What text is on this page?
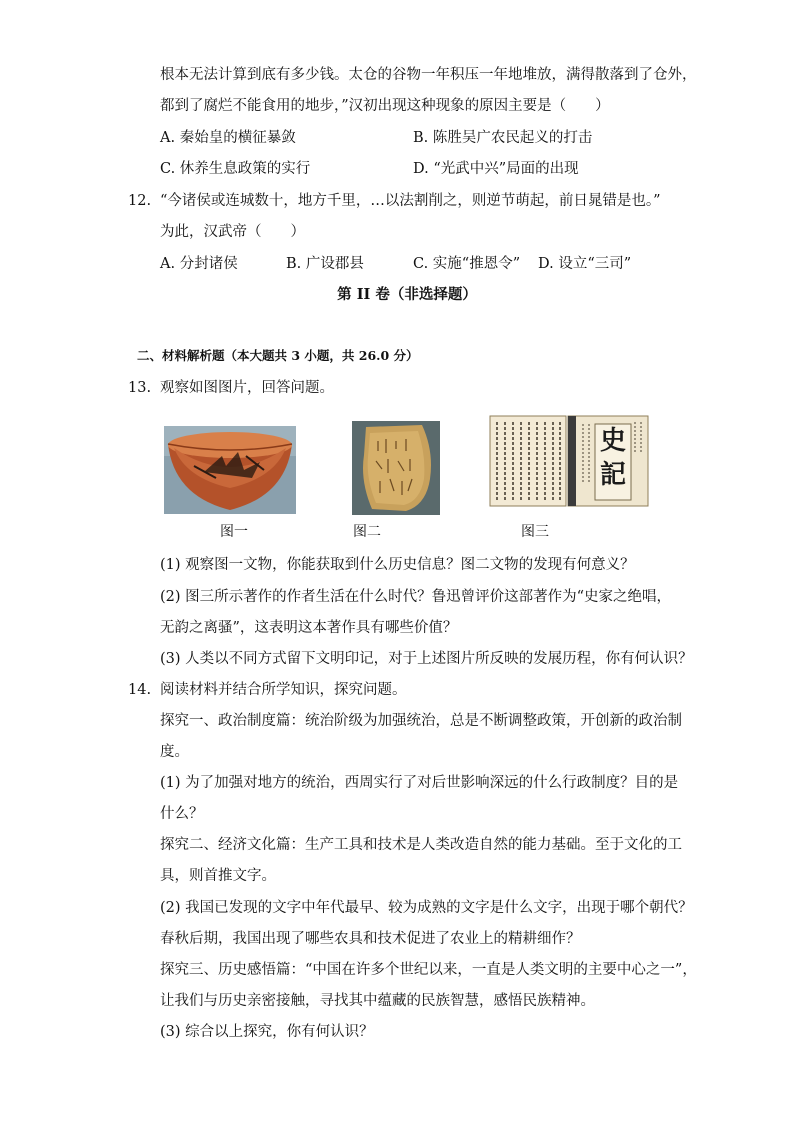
根本无法计算到底有多少钱。太仓的谷物一年积压一年地堆放，满得散落到了仓外，
都到了腐烂不能食用的地步，”汉初出现这种现象的原因主要是（　　）
A. 秦始皇的横征暴敛	B. 陈胜吴广农民起义的打击
C. 休养生息政策的实行	D. “光武中兴”局面的出现
12. “今诸侯或连城数十，地方千里，…以法割削之，则逆节萌起，前日晁错是也。”
为此，汉武帝（　　）
A. 分封诸侯	B. 广设郡县	C. 实施“推恩令” D. 设立“三司”
第 II 卷（非选择题）
二、材料解析题（本大题共 3 小题，共 26.0 分）
13. 观察如图图片，回答问题。
图一	图二
史
記
图三
(1) 观察图一文物，你能获取到什么历史信息？图二文物的发现有何意义？
(2) 图三所示著作的作者生活在什么时代？鲁迅曾评价这部著作为“史家之绝唱，
无韵之离骚”，这表明这本著作具有哪些价值？
(3) 人类以不同方式留下文明印记，对于上述图片所反映的发展历程，你有何认识？
14. 阅读材料并结合所学知识，探究问题。
探究一、政治制度篇：统治阶级为加强统治，总是不断调整政策，开创新的政治制
度。
(1) 为了加强对地方的统治，西周实行了对后世影响深远的什么行政制度？目的是
什么？
探究二、经济文化篇：生产工具和技术是人类改造自然的能力基础。至于文化的工
具，则首推文字。
(2) 我国已发现的文字中年代最早、较为成熟的文字是什么文字，出现于哪个朝代？
春秋后期，我国出现了哪些农具和技术促进了农业上的精耕细作？
探究三、历史感悟篇：“中国在许多个世纪以来，一直是人类文明的主要中心之一”，
让我们与历史亲密接触，寻找其中蕴藏的民族智慧，感悟民族精神。
(3) 综合以上探究，你有何认识？
